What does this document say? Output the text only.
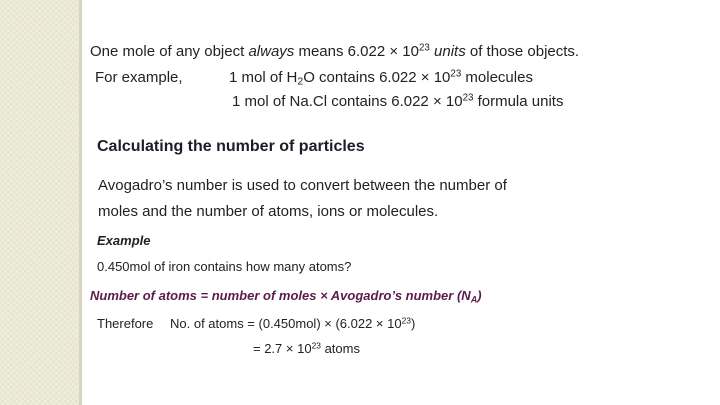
One mole of any object always means $6.022 \times 10^{23}$ units of those objects.
For example,	1 mol of $H_2O$ contains $6.022 \times 10^{23}$ molecules
1 mol of Na.Cl contains $6.022 \times 10^{23}$ formula units
Calculating the number of particles
Avogadro’s number is used to convert between the number of
moles and the number of atoms, ions or molecules.
Example
0.450mol of iron contains how many atoms?
Number of atoms = number of moles × Avogadro’s number $(N_A)$
Therefore No. of atoms = $(0.450mol) \times (6.022 \times 10^{23})$
= $2.7 \times 10^{23}$ atoms
